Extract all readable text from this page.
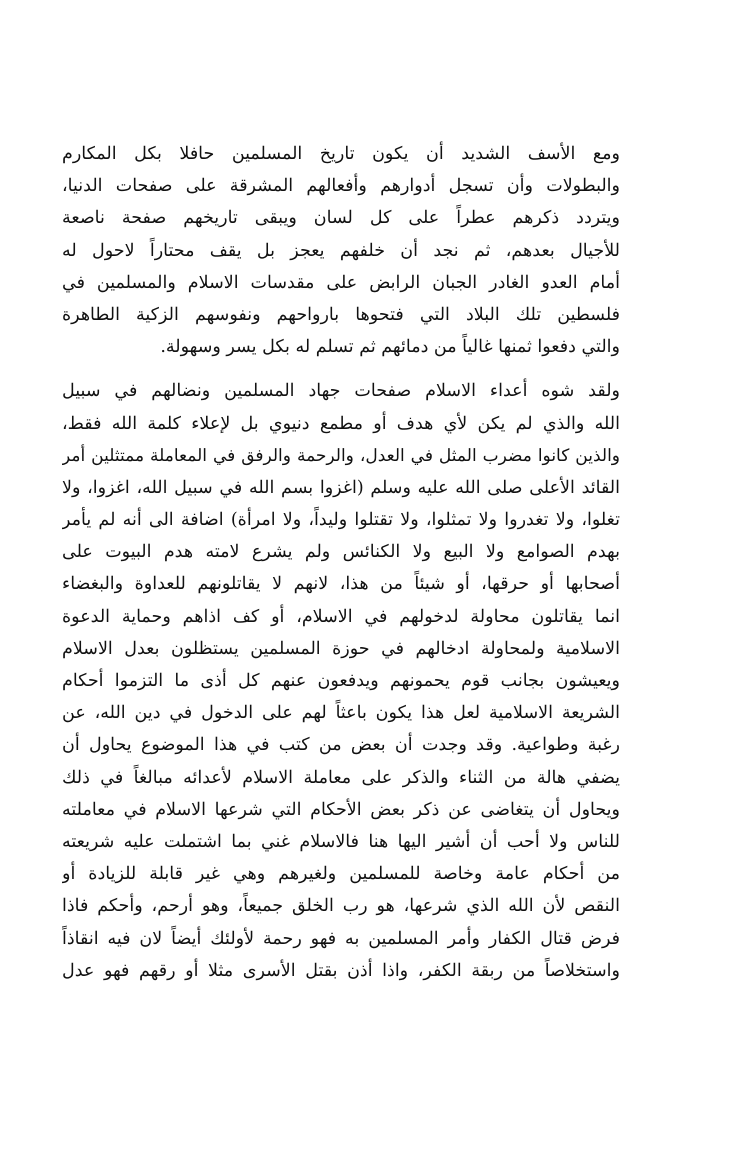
ومع الأسف الشديد أن يكون تاريخ المسلمين حافلا بكل المكارم
والبطولات وأن تسجل أدوارهم وأفعالهم المشرقة على صفحات الدنيا،
ويتردد ذكرهم عطراً على كل لسان ويبقى تاريخهم صفحة ناصعة
للأجيال بعدهم، ثم نجد أن خلفهم يعجز بل يقف محتاراً لاحول له
أمام العدو الغادر الجبان الرابض على مقدسات الاسلام والمسلمين في
فلسطين تلك البلاد التي فتحوها بارواحهم ونفوسهم الزكية الطاهرة
والتي دفعوا ثمنها غالياً من دمائهم ثم تسلم له بكل يسر وسهولة.
ولقد شوه أعداء الاسلام صفحات جهاد المسلمين ونضالهم في سبيل
الله والذي لم يكن لأي هدف أو مطمع دنيوي بل لإعلاء كلمة الله فقط،
والذين كانوا مضرب المثل في العدل، والرحمة والرفق في المعاملة ممتثلين أمر
القائد الأعلى صلى الله عليه وسلم (اغزوا بسم الله في سبيل الله، اغزوا، ولا
تغلوا، ولا تغدروا ولا تمثلوا، ولا تقتلوا وليداً، ولا امرأة) اضافة الى أنه لم يأمر
بهدم الصوامع ولا البيع ولا الكنائس ولم يشرع لامته هدم البيوت على
أصحابها أو حرقها، أو شيئاً من هذا، لانهم لا يقاتلونهم للعداوة والبغضاء
انما يقاتلون محاولة لدخولهم في الاسلام، أو كف اذاهم وحماية الدعوة
الاسلامية ولمحاولة ادخالهم في حوزة المسلمين يستظلون بعدل الاسلام
ويعيشون بجانب قوم يحمونهم ويدفعون عنهم كل أذى ما التزموا أحكام
الشريعة الاسلامية لعل هذا يكون باعثاً لهم على الدخول في دين الله، عن
رغبة وطواعية. وقد وجدت أن بعض من كتب في هذا الموضوع يحاول أن
يضفي هالة من الثناء والذكر على معاملة الاسلام لأعدائه مبالغاً في ذلك
ويحاول أن يتغاضى عن ذكر بعض الأحكام التي شرعها الاسلام في معاملته
للناس ولا أحب أن أشير اليها هنا فالاسلام غني بما اشتملت عليه شريعته
من أحكام عامة وخاصة للمسلمين ولغيرهم وهي غير قابلة للزيادة أو
النقص لأن الله الذي شرعها، هو رب الخلق جميعاً، وهو أرحم، وأحكم فاذا
فرض قتال الكفار وأمر المسلمين به فهو رحمة لأولئك أيضاً لان فيه انقاذاً
واستخلاصاً من ربقة الكفر، واذا أذن بقتل الأسرى مثلا أو رقهم فهو عدل
